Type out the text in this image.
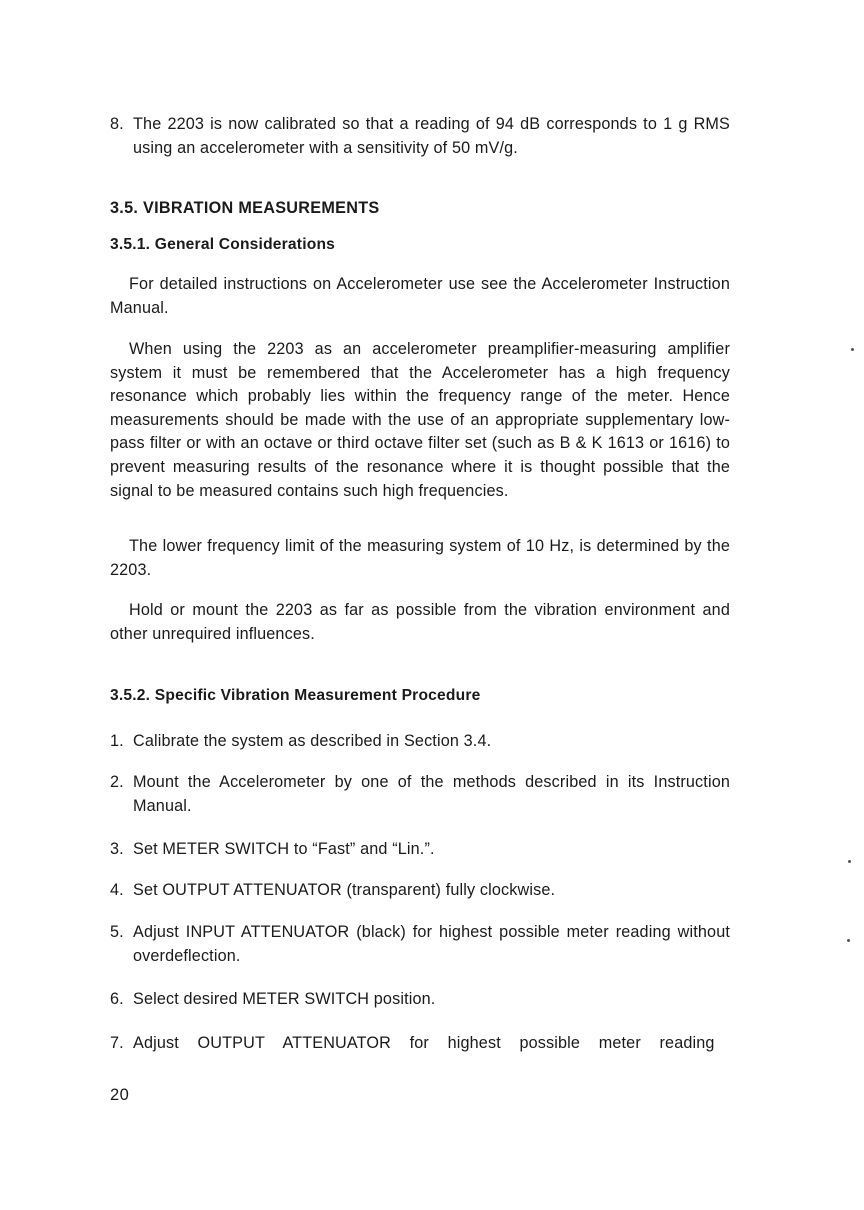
8. The 2203 is now calibrated so that a reading of 94 dB corresponds to 1 g RMS using an accelerometer with a sensitivity of 50 mV/g.
3.5. VIBRATION MEASUREMENTS
3.5.1. General Considerations
For detailed instructions on Accelerometer use see the Accelerometer Instruction Manual.
When using the 2203 as an accelerometer preamplifier-measuring amplifier system it must be remembered that the Accelerometer has a high frequency resonance which probably lies within the frequency range of the meter. Hence measurements should be made with the use of an appropriate supplementary low-pass filter or with an octave or third octave filter set (such as B & K 1613 or 1616) to prevent measuring results of the resonance where it is thought possible that the signal to be measured contains such high frequencies.
The lower frequency limit of the measuring system of 10 Hz, is determined by the 2203.
Hold or mount the 2203 as far as possible from the vibration environment and other unrequired influences.
3.5.2. Specific Vibration Measurement Procedure
1. Calibrate the system as described in Section 3.4.
2. Mount the Accelerometer by one of the methods described in its Instruction Manual.
3. Set METER SWITCH to “Fast” and “Lin.”.
4. Set OUTPUT ATTENUATOR (transparent) fully clockwise.
5. Adjust INPUT ATTENUATOR (black) for highest possible meter reading without overdeflection.
6. Select desired METER SWITCH position.
7. Adjust OUTPUT ATTENUATOR for highest possible meter reading
20
